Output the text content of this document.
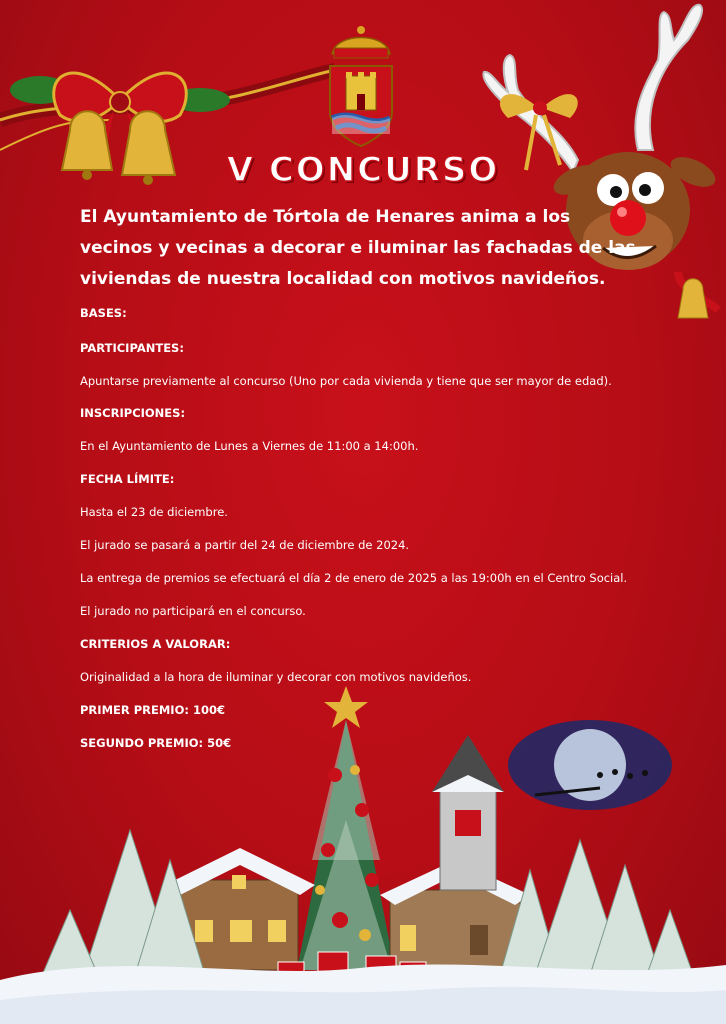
V CONCURSO
El Ayuntamiento de Tórtola de Henares anima a los vecinos y vecinas a decorar e iluminar las fachadas de las viviendas de nuestra localidad con motivos navideños.
BASES:
PARTICIPANTES:
Apuntarse previamente al concurso (Uno por cada vivienda y tiene que ser mayor de edad).
INSCRIPCIONES:
En el Ayuntamiento de Lunes a Viernes de 11:00 a 14:00h.
FECHA LÍMITE:
Hasta el 23 de diciembre.
El jurado se pasará a partir del 24 de diciembre de 2024.
La entrega de premios se efectuará el día 2 de enero de 2025 a las 19:00h en el Centro Social.
El jurado no participará en el concurso.
CRITERIOS A VALORAR:
Originalidad a la hora de iluminar y decorar con motivos navideños.
PRIMER PREMIO: 100€
SEGUNDO PREMIO: 50€
